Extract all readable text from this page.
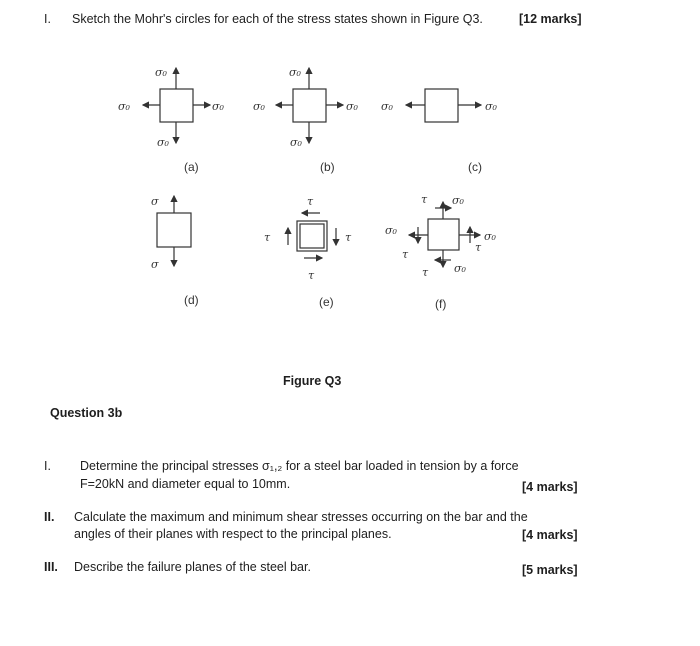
I. Sketch the Mohr's circles for each of the stress states shown in Figure Q3.	[12 marks]
σ₀
σ₀	σ₀
σ₀
σ₀
σ₀	σ₀
σ₀
σ₀	σ₀
σ
σ
τ
τ	τ
τ
τ σ₀
σ₀
τ
σ₀
τ
τ σ₀
(a)	(b)	(c)
(d)	(e)	(f)
Figure Q3
Question 3b
I. Determine the principal stresses σ₁,₂ for a steel bar loaded in tension by a force
F=20kN and diameter equal to 10mm.	[4 marks]
II. Calculate the maximum and minimum shear stresses occurring on the bar and the
angles of their planes with respect to the principal planes.	[4 marks]
III. Describe the failure planes of the steel bar.	[5 marks]
